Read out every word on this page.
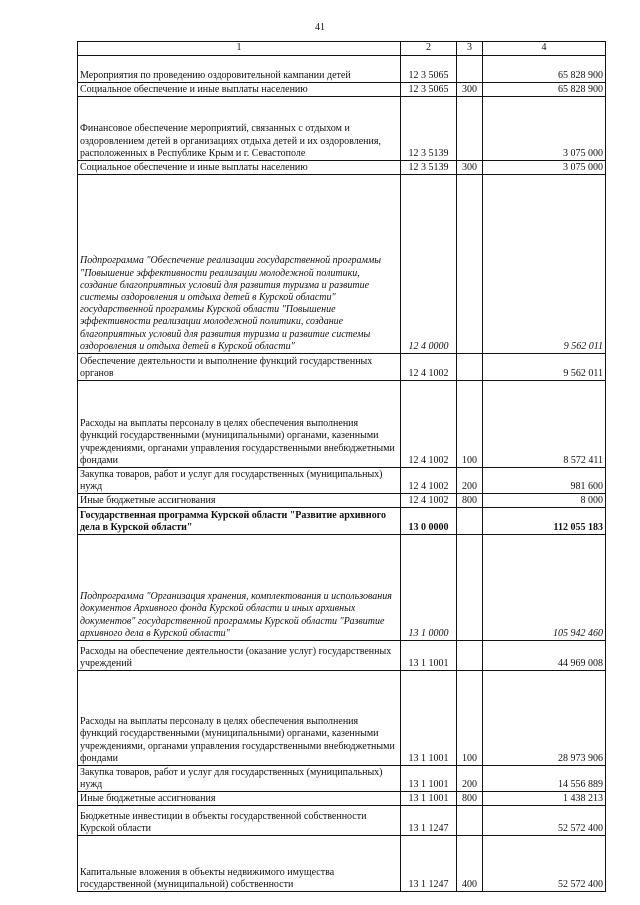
41
1	2	3	4
Мероприятия по проведению оздоровительной кампании детей	12 3 5065		65 828 900
Социальное обеспечение и иные выплаты населению	12 3 5065	300	65 828 900
Финансовое обеспечение мероприятий, связанных с отдыхом и оздоровлением детей в организациях отдыха детей и их оздоровления, расположенных в Республике Крым и г. Севастополе	12 3 5139		3 075 000
Социальное обеспечение и иные выплаты населению	12 3 5139	300	3 075 000
Подпрограмма "Обеспечение реализации государственной программы "Повышение эффективности реализации молодежной политики, создание благоприятных условий для развития туризма и развитие системы оздоровления и отдыха детей в Курской области" государственной программы Курской области "Повышение эффективности реализации молодежной политики, создание благоприятных условий для развития туризма и развитие системы оздоровления и отдыха детей в Курской области"	12 4 0000		9 562 011
Обеспечение деятельности и выполнение функций государственных органов	12 4 1002		9 562 011
Расходы на выплаты персоналу в целях обеспечения выполнения функций государственными (муниципальными) органами, казенными учреждениями, органами управления государственными внебюджетными фондами	12 4 1002	100	8 572 411
Закупка товаров, работ и услуг для государственных (муниципальных) нужд	12 4 1002	200	981 600
Иные бюджетные ассигнования	12 4 1002	800	8 000
Государственная программа Курской области "Развитие архивного дела в Курской области"	13 0 0000		112 055 183
Подпрограмма "Организация хранения, комплектования и использования документов Архивного фонда Курской области и иных архивных документов" государственной программы Курской области "Развитие архивного дела в Курской области"	13 1 0000		105 942 460
Расходы на обеспечение деятельности (оказание услуг) государственных учреждений	13 1 1001		44 969 008
Расходы на выплаты персоналу в целях обеспечения выполнения функций государственными (муниципальными) органами, казенными учреждениями, органами управления государственными внебюджетными фондами	13 1 1001	100	28 973 906
Закупка товаров, работ и услуг для государственных (муниципальных) нужд	13 1 1001	200	14 556 889
Иные бюджетные ассигнования	13 1 1001	800	1 438 213
Бюджетные инвестиции в объекты государственной собственности Курской области	13 1 1247		52 572 400
Капитальные вложения в объекты недвижимого имущества государственной (муниципальной) собственности	13 1 1247	400	52 572 400
